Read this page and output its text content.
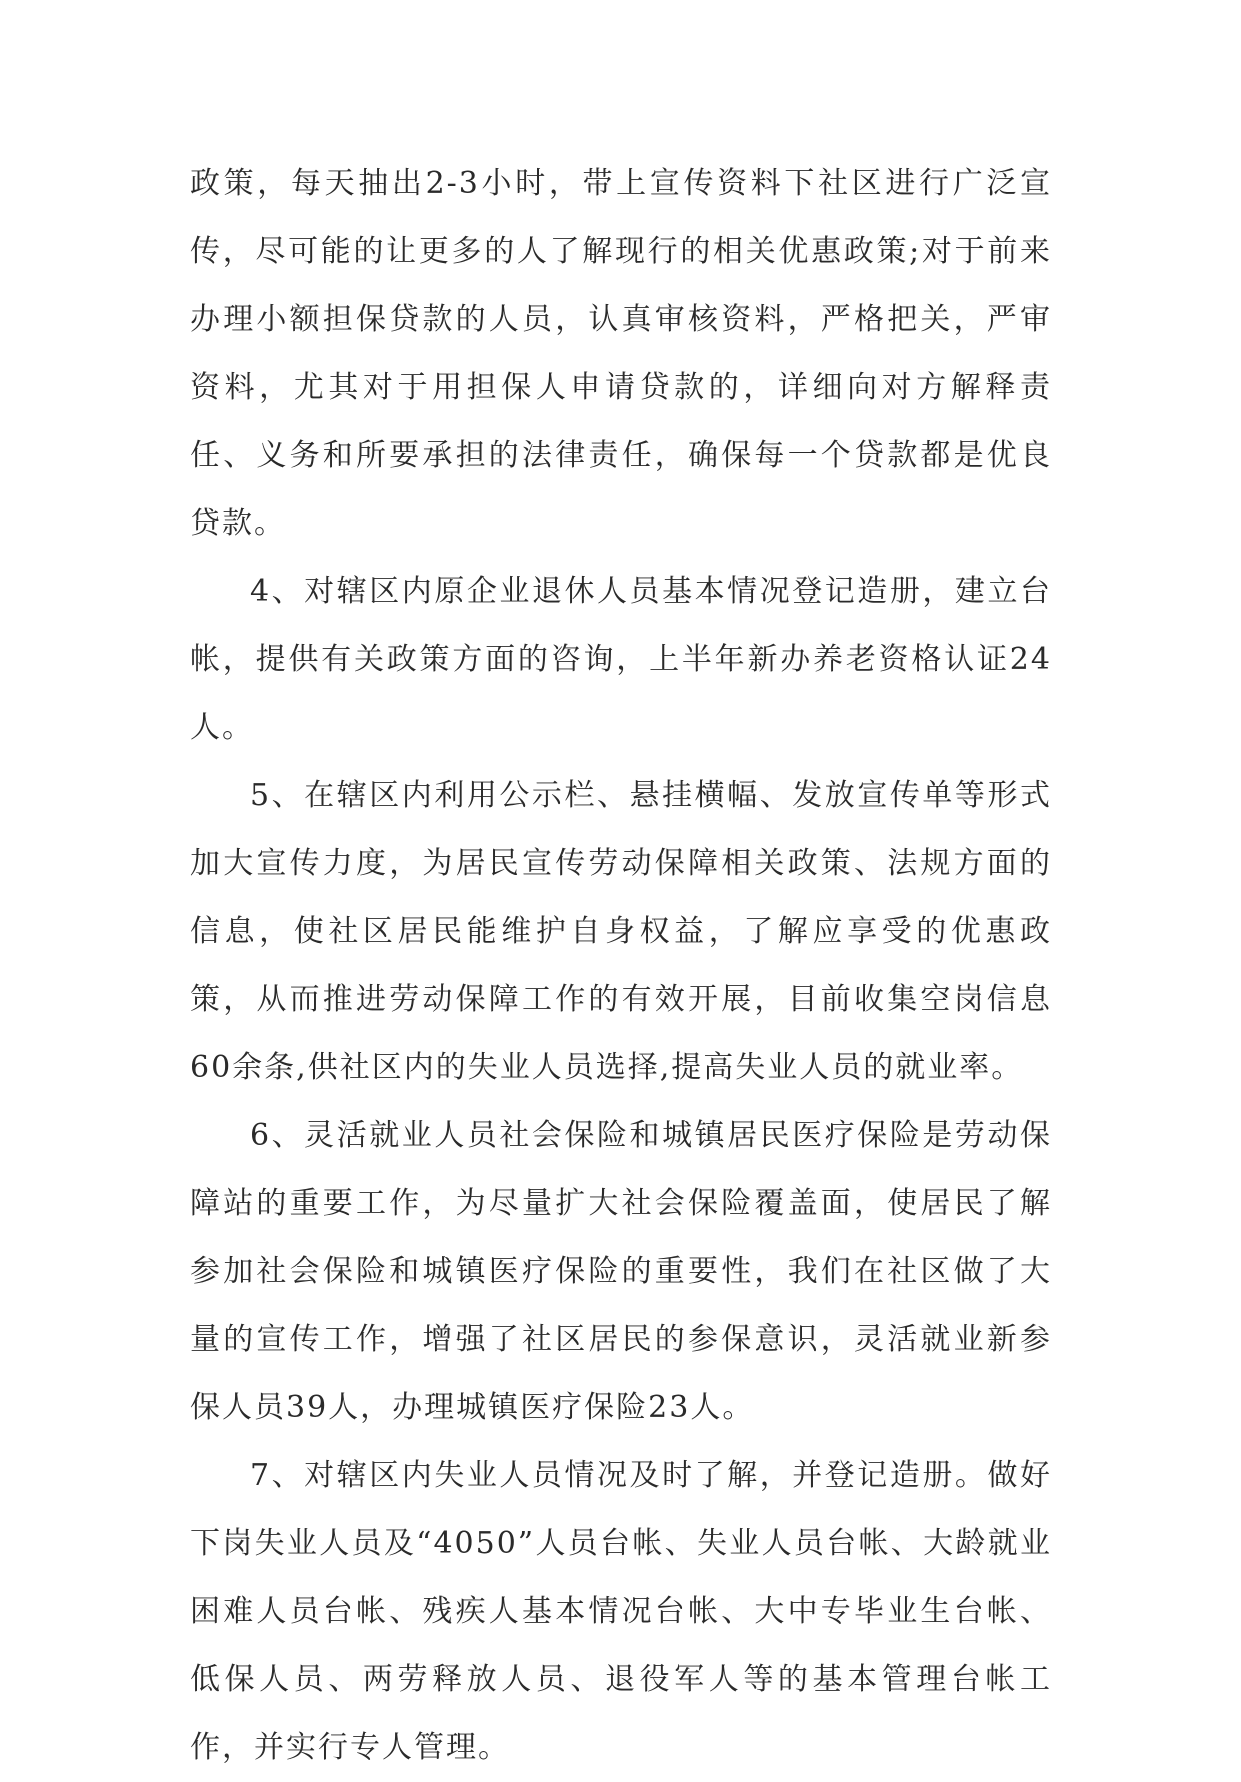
政策，每天抽出2-3小时，带上宣传资料下社区进行广泛宣传，尽可能的让更多的人了解现行的相关优惠政策;对于前来办理小额担保贷款的人员，认真审核资料，严格把关，严审资料，尤其对于用担保人申请贷款的，详细向对方解释责任、义务和所要承担的法律责任，确保每一个贷款都是优良贷款。

4、对辖区内原企业退休人员基本情况登记造册，建立台帐，提供有关政策方面的咨询，上半年新办养老资格认证24人。

5、在辖区内利用公示栏、悬挂横幅、发放宣传单等形式加大宣传力度，为居民宣传劳动保障相关政策、法规方面的信息，使社区居民能维护自身权益，了解应享受的优惠政策，从而推进劳动保障工作的有效开展，目前收集空岗信息60余条,供社区内的失业人员选择,提高失业人员的就业率。

6、灵活就业人员社会保险和城镇居民医疗保险是劳动保障站的重要工作，为尽量扩大社会保险覆盖面，使居民了解参加社会保险和城镇医疗保险的重要性，我们在社区做了大量的宣传工作，增强了社区居民的参保意识，灵活就业新参保人员39人，办理城镇医疗保险23人。

7、对辖区内失业人员情况及时了解，并登记造册。做好下岗失业人员及“4050”人员台帐、失业人员台帐、大龄就业困难人员台帐、残疾人基本情况台帐、大中专毕业生台帐、低保人员、两劳释放人员、退役军人等的基本管理台帐工作，并实行专人管理。
